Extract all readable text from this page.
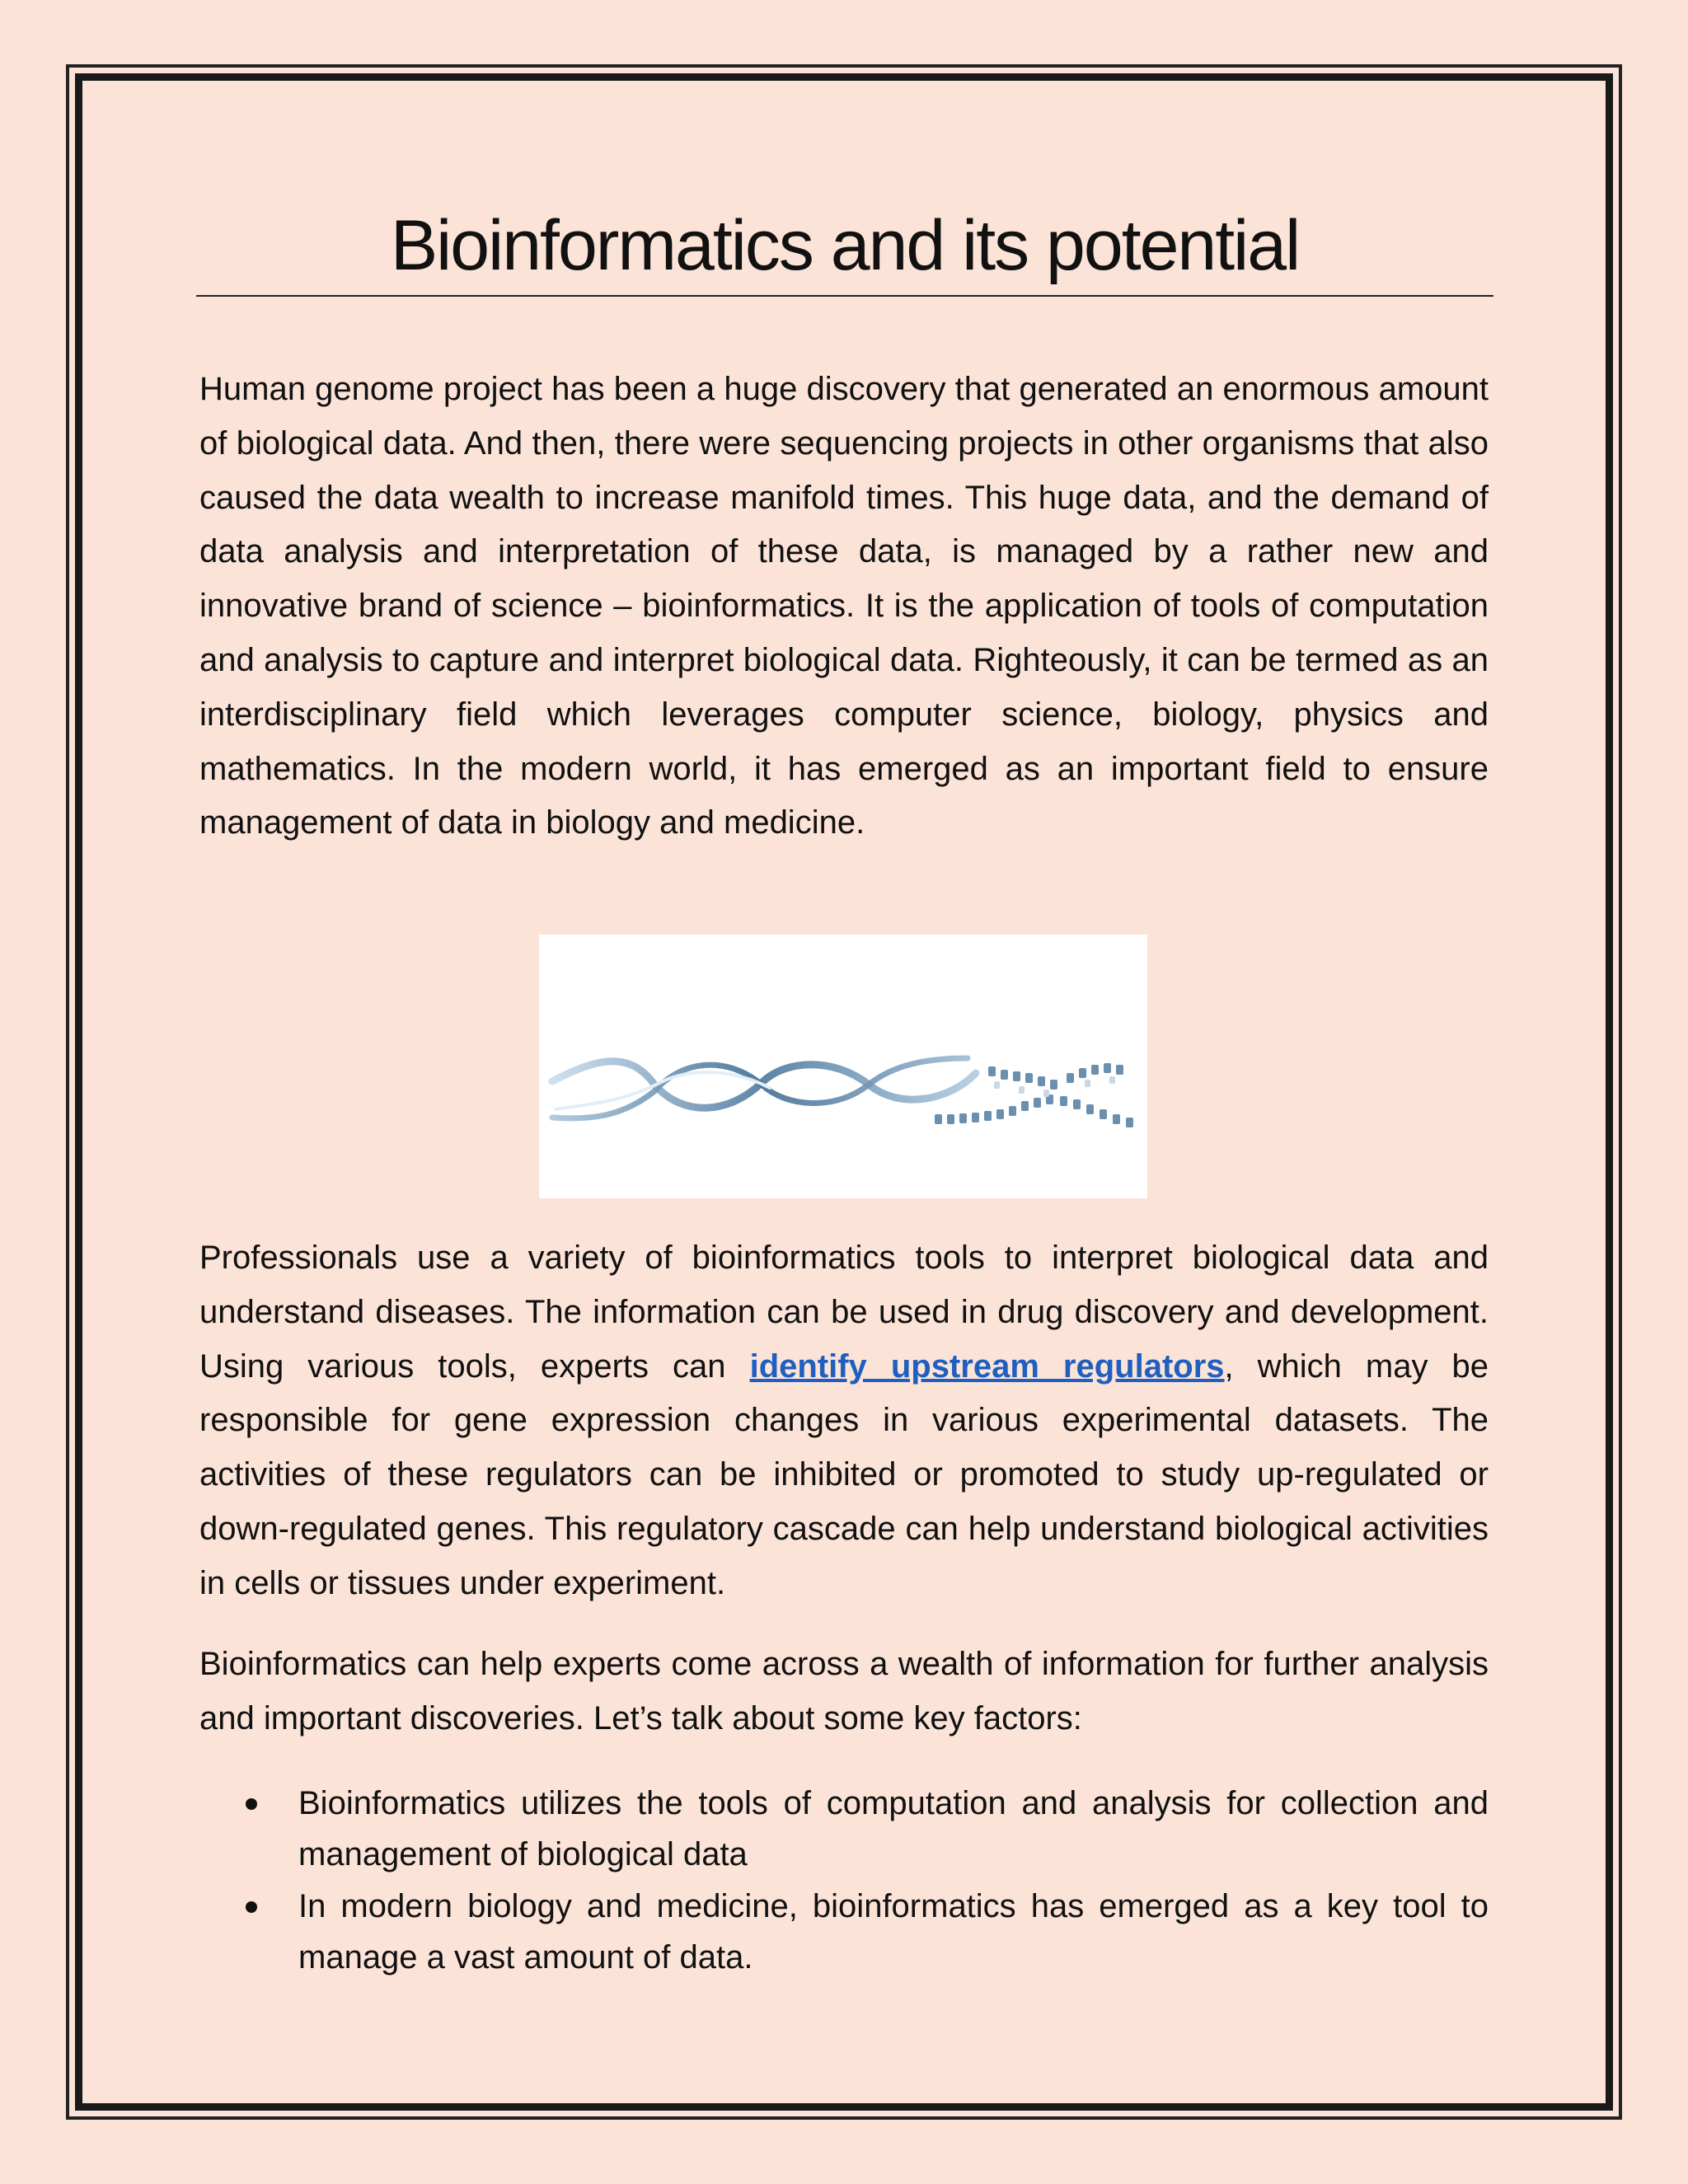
Bioinformatics and its potential

Human genome project has been a huge discovery that generated an enormous amount of biological data. And then, there were sequencing projects in other organisms that also caused the data wealth to increase manifold times. This huge data, and the demand of data analysis and interpretation of these data, is managed by a rather new and innovative brand of science – bioinformatics. It is the application of tools of computation and analysis to capture and interpret biological data. Righteously, it can be termed as an interdisciplinary field which leverages computer science, biology, physics and mathematics. In the modern world, it has emerged as an important field to ensure management of data in biology and medicine.

Professionals use a variety of bioinformatics tools to interpret biological data and understand diseases. The information can be used in drug discovery and development. Using various tools, experts can identify upstream regulators, which may be responsible for gene expression changes in various experimental datasets. The activities of these regulators can be inhibited or promoted to study up-regulated or down-regulated genes. This regulatory cascade can help understand biological activities in cells or tissues under experiment.

Bioinformatics can help experts come across a wealth of information for further analysis and important discoveries. Let’s talk about some key factors:

Bioinformatics utilizes the tools of computation and analysis for collection and management of biological data
In modern biology and medicine, bioinformatics has emerged as a key tool to manage a vast amount of data.
